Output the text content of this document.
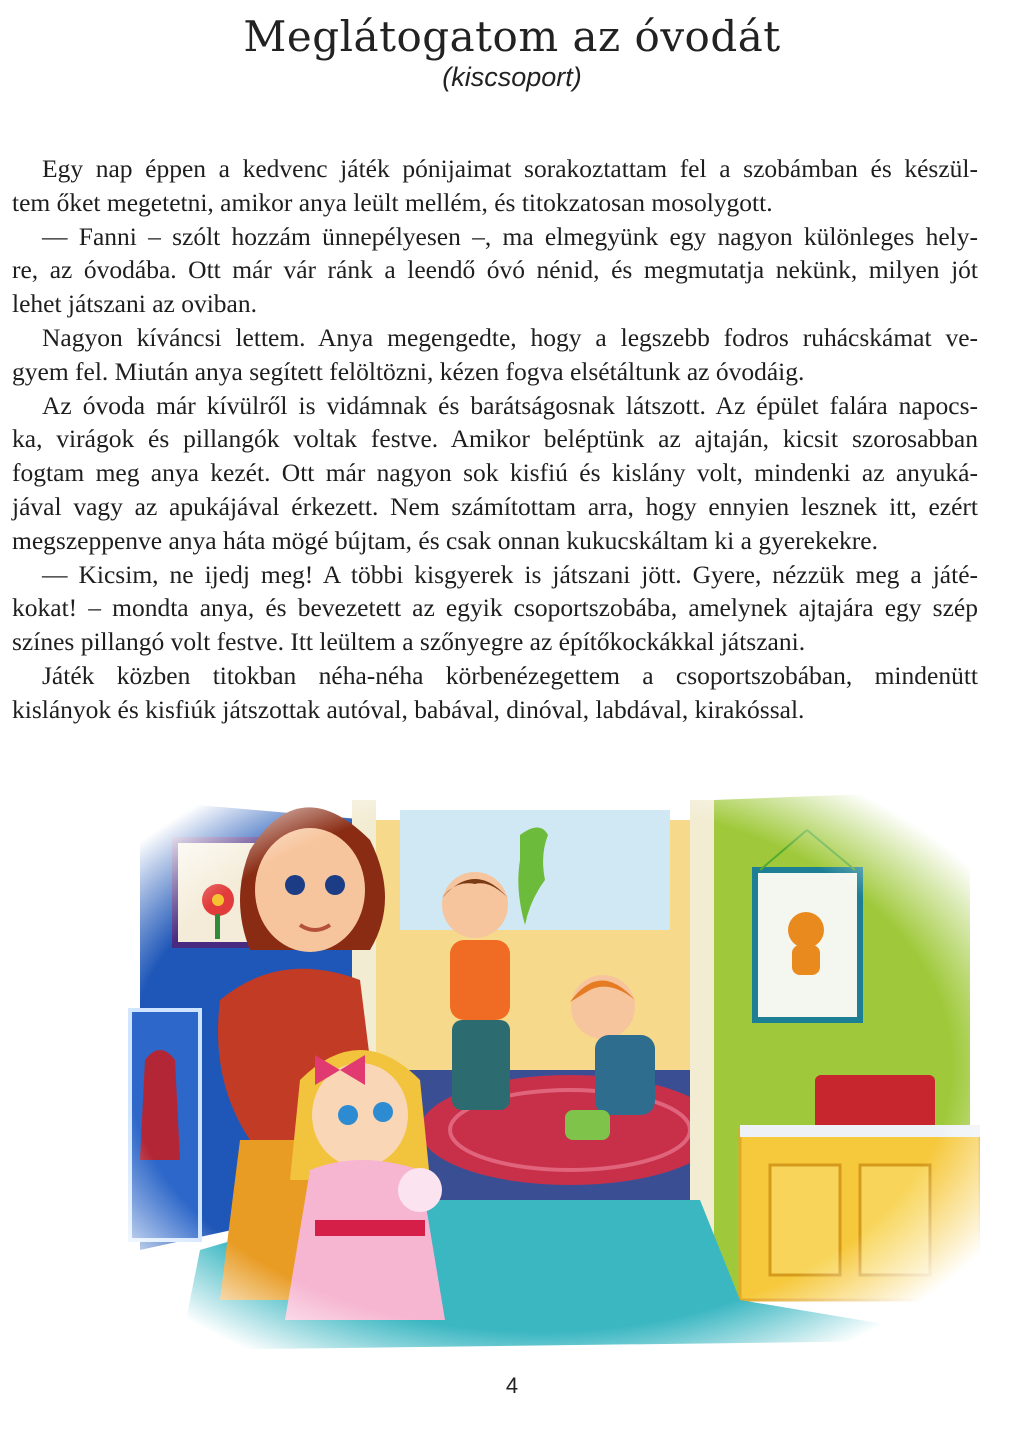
Meglátogatom az óvodát
(kiscsoport)
Egy nap éppen a kedvenc játék pónijaimat sorakoztattam fel a szobámban és készül-
tem őket megetetni, amikor anya leült mellém, és titokzatosan mosolygott.
— Fanni – szólt hozzám ünnepélyesen –, ma elmegyünk egy nagyon különleges hely-
re, az óvodába. Ott már vár ránk a leendő óvó nénid, és megmutatja nekünk, milyen jót
lehet játszani az oviban.
Nagyon kíváncsi lettem. Anya megengedte, hogy a legszebb fodros ruhácskámat ve-
gyem fel. Miután anya segített felöltözni, kézen fogva elsétáltunk az óvodáig.
Az óvoda már kívülről is vidámnak és barátságosnak látszott. Az épület falára napocs-
ka, virágok és pillangók voltak festve. Amikor beléptünk az ajtaján, kicsit szorosabban
fogtam meg anya kezét. Ott már nagyon sok kisfiú és kislány volt, mindenki az anyuká-
jával vagy az apukájával érkezett. Nem számítottam arra, hogy ennyien lesznek itt, ezért
megszeppenve anya háta mögé bújtam, és csak onnan kukucskáltam ki a gyerekekre.
— Kicsim, ne ijedj meg! A többi kisgyerek is játszani jött. Gyere, nézzük meg a játé-
kokat! – mondta anya, és bevezetett az egyik csoportszobába, amelynek ajtajára egy szép
színes pillangó volt festve. Itt leültem a szőnyegre az építőkockákkal játszani.
Játék közben titokban néha-néha körbenézegettem a csoportszobában, mindenütt
kislányok és kisfiúk játszottak autóval, babával, dinóval, labdával, kirakóssal.
4
